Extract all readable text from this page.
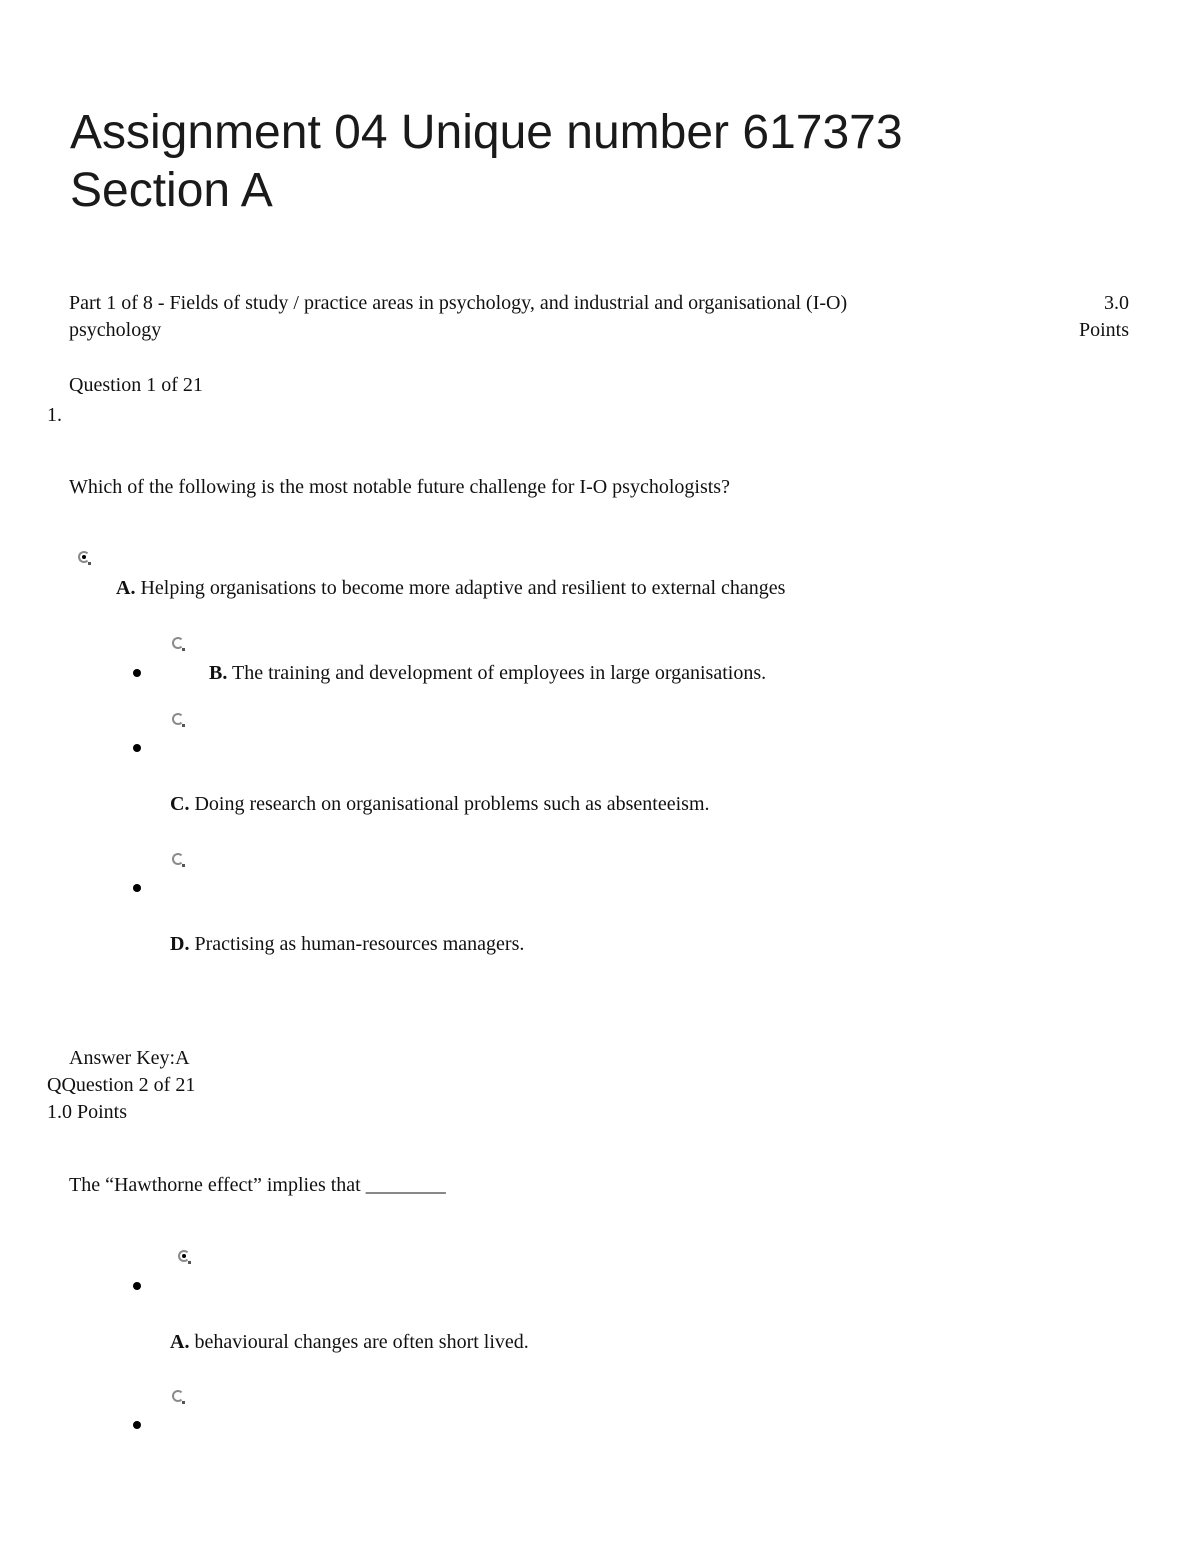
Assignment 04 Unique number 617373
Section A
Part 1 of 8 - Fields of study / practice areas in psychology, and industrial and organisational (I-O)
psychology
3.0
Points
Question 1 of 21
1.
Which of the following is the most notable future challenge for I-O psychologists?
A. Helping organisations to become more adaptive and resilient to external changes
B. The training and development of employees in large organisations.
C. Doing research on organisational problems such as absenteeism.
D. Practising as human-resources managers.
Answer Key:A
QQuestion 2 of 21
1.0 Points
The “Hawthorne effect” implies that ________
A. behavioural changes are often short lived.
